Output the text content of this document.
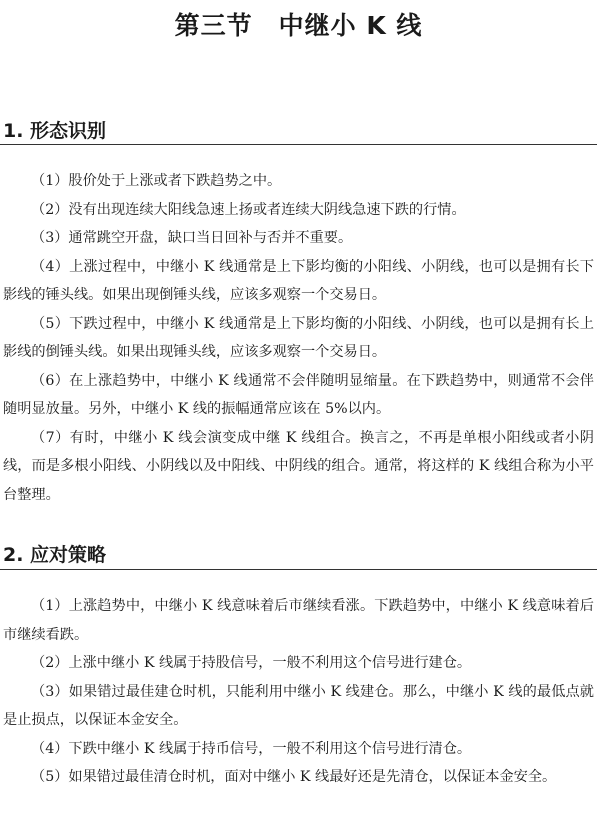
第三节　中继小 K 线
1. 形态识别

（1）股价处于上涨或者下跌趋势之中。

（2）没有出现连续大阳线急速上扬或者连续大阴线急速下跌的行情。

（3）通常跳空开盘，缺口当日回补与否并不重要。

（4）上涨过程中，中继小 K 线通常是上下影均衡的小阳线、小阴线，也可以是拥有长下影线的锤头线。如果出现倒锤头线，应该多观察一个交易日。

（5）下跌过程中，中继小 K 线通常是上下影均衡的小阳线、小阴线，也可以是拥有长上影线的倒锤头线。如果出现锤头线，应该多观察一个交易日。

（6）在上涨趋势中，中继小 K 线通常不会伴随明显缩量。在下跌趋势中，则通常不会伴随明显放量。另外，中继小 K 线的振幅通常应该在 5%以内。

（7）有时，中继小 K 线会演变成中继 K 线组合。换言之，不再是单根小阳线或者小阴线，而是多根小阳线、小阴线以及中阳线、中阴线的组合。通常，将这样的 K 线组合称为小平台整理。

2. 应对策略

（1）上涨趋势中，中继小 K 线意味着后市继续看涨。下跌趋势中，中继小 K 线意味着后市继续看跌。

（2）上涨中继小 K 线属于持股信号，一般不利用这个信号进行建仓。

（3）如果错过最佳建仓时机，只能利用中继小 K 线建仓。那么，中继小 K 线的最低点就是止损点，以保证本金安全。

（4）下跌中继小 K 线属于持币信号，一般不利用这个信号进行清仓。

（5）如果错过最佳清仓时机，面对中继小 K 线最好还是先清仓，以保证本金安全。
